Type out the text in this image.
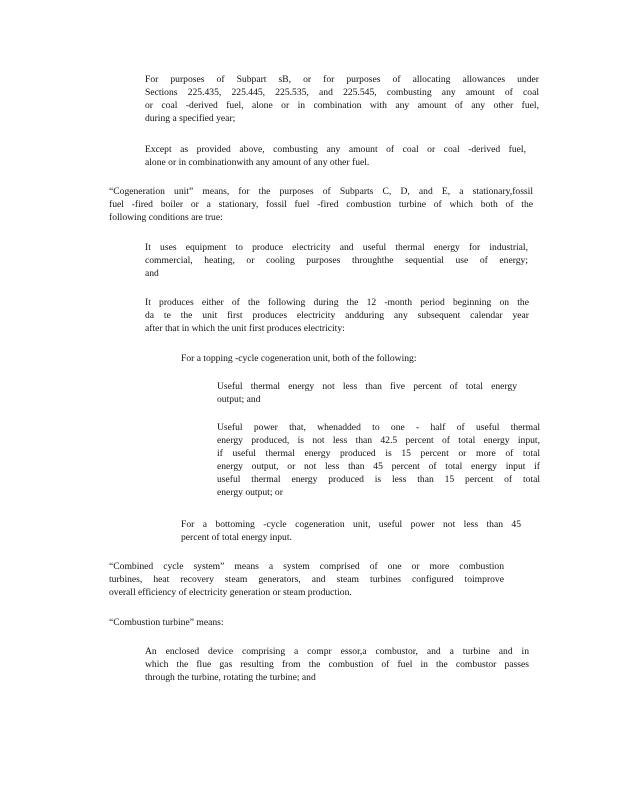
For purposes of Subpart sB, or for purposes of allocating allowances under
Sections 225.435, 225.445, 225.535, and 225.545, combusting any amount of coal
or coal -derived fuel, alone or in combination with any amount of any other fuel,
during a specified year;
Except as provided above, combusting any amount of coal or coal -derived fuel,
alone or in combinationwith any amount of any other fuel.
“Cogeneration unit” means, for the purposes of Subparts C, D, and E, a stationary,fossil
fuel -fired boiler or a stationary, fossil fuel -fired combustion turbine of which both of the
following conditions are true:
It uses equipment to produce electricity and useful thermal energy for industrial,
commercial, heating, or cooling purposes throughthe sequential use of energy;
and
It produces either of the following during the 12 -month period beginning on the
da te the unit first produces electricity andduring any subsequent calendar year
after that in which the unit first produces electricity:
For a topping -cycle cogeneration unit, both of the following:
Useful thermal energy not less than five percent of total energy
output; and
Useful power that, whenadded to one - half of useful thermal
energy produced, is not less than 42.5 percent of total energy input,
if useful thermal energy produced is 15 percent or more of total
energy output, or not less than 45 percent of total energy input if
useful thermal energy produced is less than 15 percent of total
energy output; or
For a bottoming -cycle cogeneration unit, useful power not less than 45
percent of total energy input.
“Combined cycle system” means a system comprised of one or more combustion
turbines, heat recovery steam generators, and steam turbines configured toimprove
overall efficiency of electricity generation or steam production.
“Combustion turbine” means:
An enclosed device comprising a compr essor,a combustor, and a turbine and in
which the flue gas resulting from the combustion of fuel in the combustor passes
through the turbine, rotating the turbine; and
